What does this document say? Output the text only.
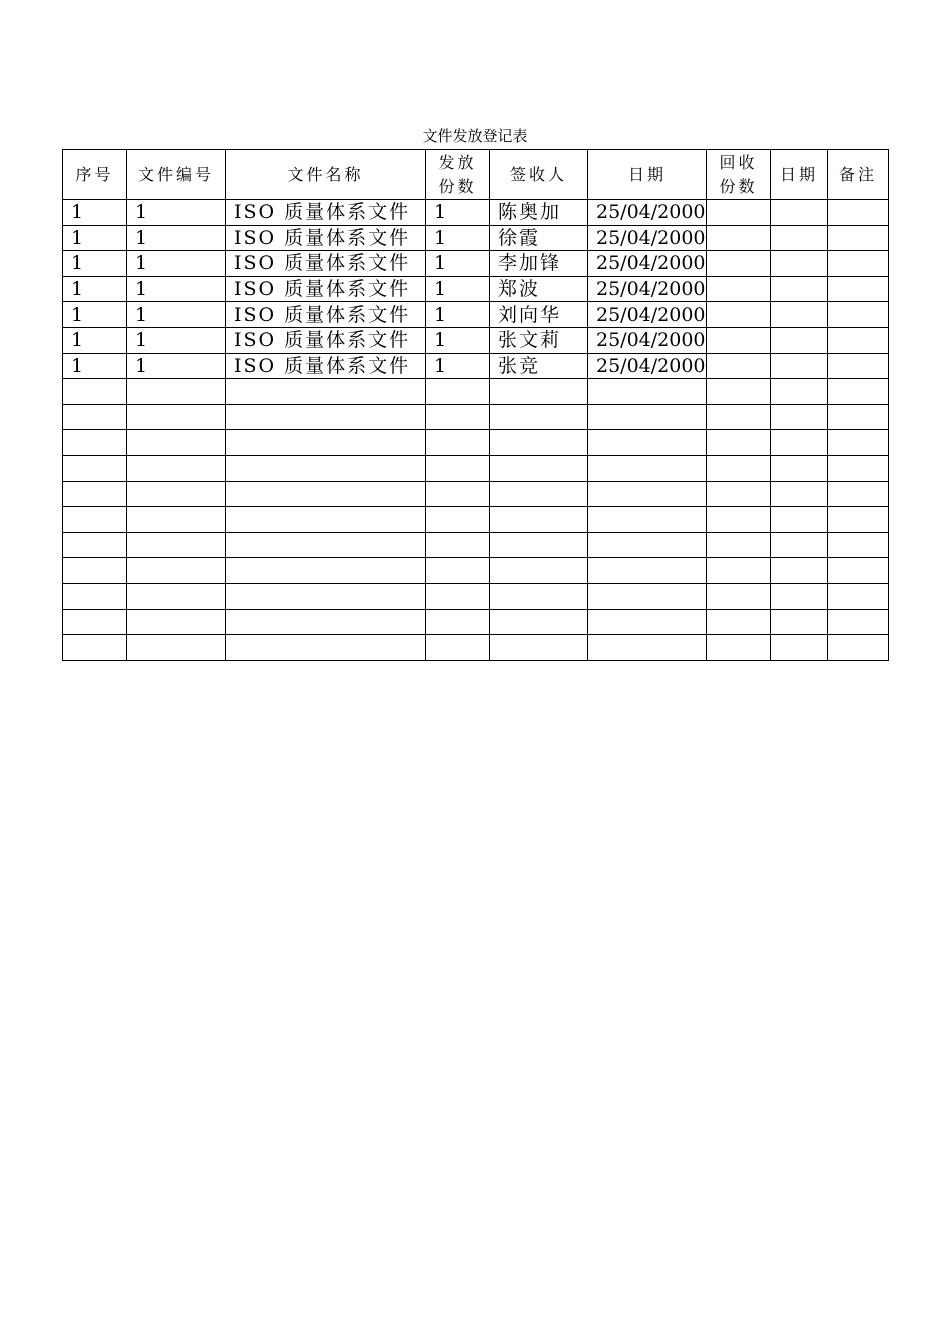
文件发放登记表
序号	文件编号	文件名称	发放份数	签收人	日期	回收份数	日期	备注
1	1	ISO 质量体系文件	1	陈奥加	25/04/2000			
1	1	ISO 质量体系文件	1	徐霞	25/04/2000			
1	1	ISO 质量体系文件	1	李加锋	25/04/2000			
1	1	ISO 质量体系文件	1	郑波	25/04/2000			
1	1	ISO 质量体系文件	1	刘向华	25/04/2000			
1	1	ISO 质量体系文件	1	张文莉	25/04/2000			
1	1	ISO 质量体系文件	1	张竞	25/04/2000			
